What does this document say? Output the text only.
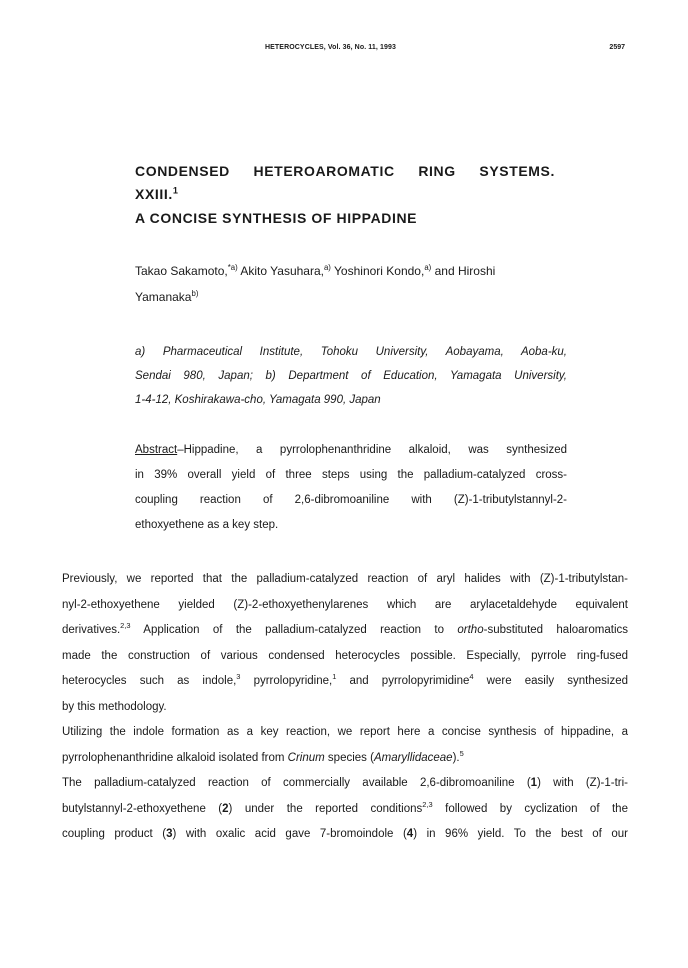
HETEROCYCLES, Vol. 36, No. 11, 1993	2597
CONDENSED HETEROAROMATIC RING SYSTEMS.
XXIII.$^1$
A CONCISE SYNTHESIS OF HIPPADINE
Takao Sakamoto,$^{*a)}$ Akito Yasuhara,$^{a)}$ Yoshinori Kondo,$^{a)}$ and Hiroshi
Yamanaka$^{b)}$
a) Pharmaceutical Institute, Tohoku University, Aobayama, Aoba-ku,
Sendai 980, Japan; b) Department of Education, Yamagata University,
1-4-12, Koshirakawa-cho, Yamagata 990, Japan
Abstract–Hippadine, a pyrrolophenanthridine alkaloid, was synthesized
in 39% overall yield of three steps using the palladium-catalyzed cross-
coupling reaction of 2,6-dibromoaniline with (Z)-1-tributylstannyl-2-
ethoxyethene as a key step.

Previously, we reported that the palladium-catalyzed reaction of aryl halides with (Z)-1-tributylstan-
nyl-2-ethoxyethene yielded (Z)-2-ethoxyethenylarenes which are arylacetaldehyde equivalent
derivatives.$^{2,3}$ Application of the palladium-catalyzed reaction to ortho-substituted haloaromatics
made the construction of various condensed heterocycles possible. Especially, pyrrole ring-fused
heterocycles such as indole,$^3$ pyrrolopyridine,$^1$ and pyrrolopyrimidine$^4$ were easily synthesized
by this methodology.

Utilizing the indole formation as a key reaction, we report here a concise synthesis of hippadine, a
pyrrolophenanthridine alkaloid isolated from Crinum species (Amaryllidaceae).$^5$

The palladium-catalyzed reaction of commercially available 2,6-dibromoaniline (1) with (Z)-1-tri-
butylstannyl-2-ethoxyethene (2) under the reported conditions$^{2,3}$ followed by cyclization of the
coupling product (3) with oxalic acid gave 7-bromoindole (4) in 96% yield. To the best of our
